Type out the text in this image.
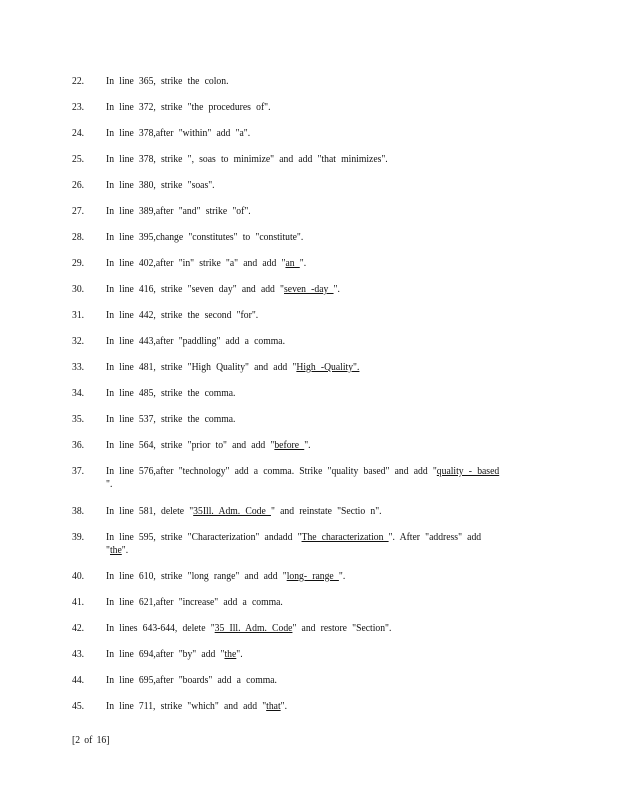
22.	In line 365, strike the colon.
23.	In line 372, strike "the procedures of".
24.	In line 378,after "within" add "a".
25.	In line 378, strike ", soas to minimize" and add "that minimizes".
26.	In line 380, strike "soas".
27.	In line 389,after "and" strike "of".
28.	In line 395,change "constitutes" to "constitute".
29.	In line 402,after "in" strike "a" and add "an ".
30.	In line 416, strike "seven day" and add "seven -day ".
31.	In line 442, strike the second "for".
32.	In line 443,after "paddling" add a comma.
33.	In line 481, strike "High Quality" and add "High -Quality".
34.	In line 485, strike the comma.
35.	In line 537, strike the comma.
36.	In line 564, strike "prior to" and add "before ".
37.	In line 576,after "technology" add a comma. Strike "quality based" and add "quality - based ".
38.	In line 581, delete "35Ill. Adm. Code " and reinstate "Sectio n".
39.	In line 595, strike "Characterization" andadd "The characterization ". After "address" add "the".
40.	In line 610, strike "long range" and add "long- range ".
41.	In line 621,after "increase" add a comma.
42.	In lines 643-644, delete "35 Ill. Adm. Code" and restore "Section".
43.	In line 694,after "by" add "the".
44.	In line 695,after "boards" add a comma.
45.	In line 711, strike "which" and add "that".
[2 of 16]
